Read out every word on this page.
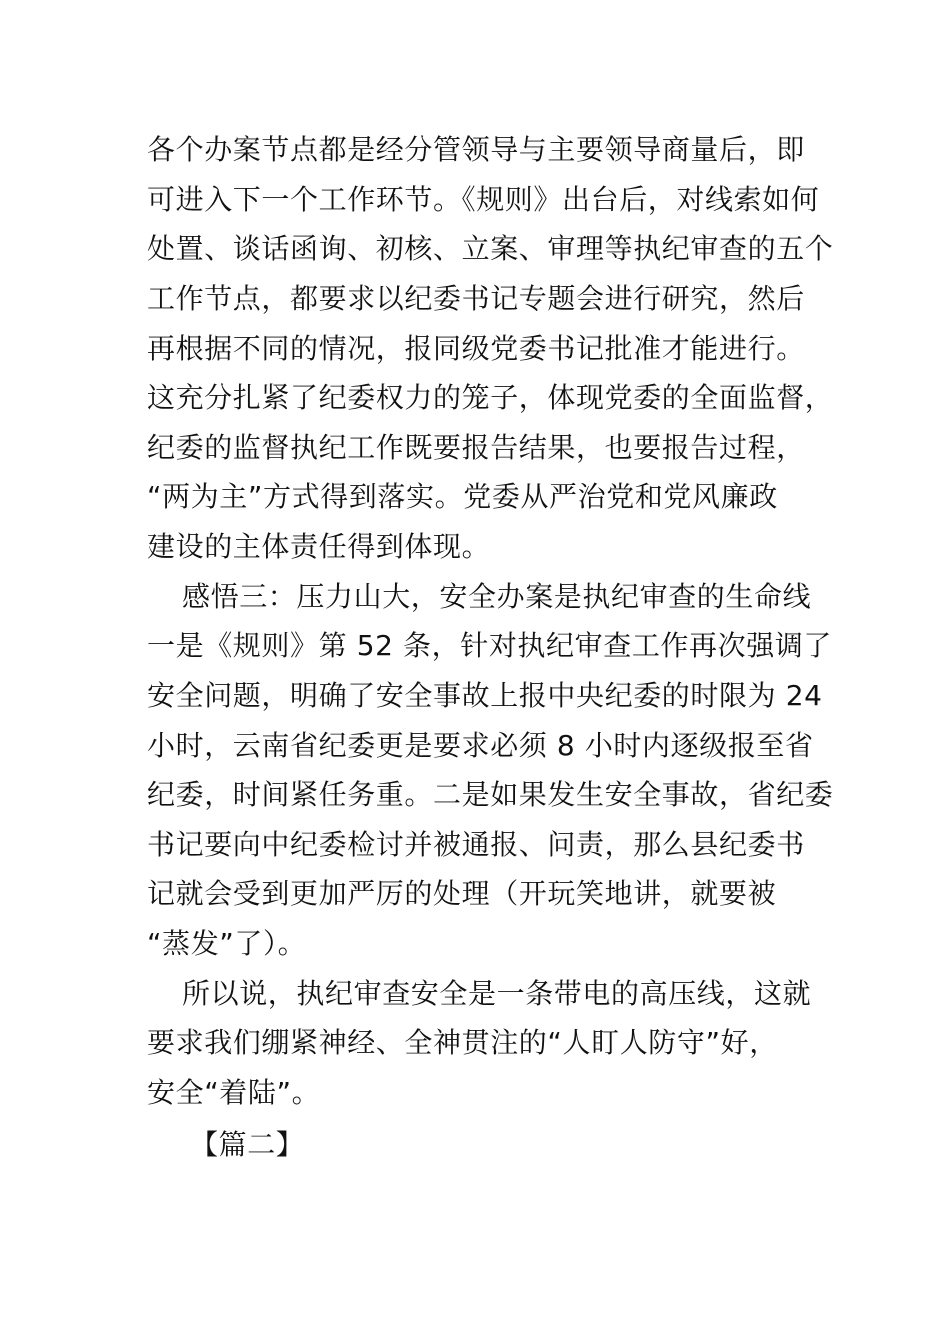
各个办案节点都是经分管领导与主要领导商量后，即
可进入下一个工作环节。《规则》出台后，对线索如何
处置、谈话函询、初核、立案、审理等执纪审查的五个
工作节点，都要求以纪委书记专题会进行研究，然后
再根据不同的情况，报同级党委书记批准才能进行。
这充分扎紧了纪委权力的笼子，体现党委的全面监督，
纪委的监督执纪工作既要报告结果，也要报告过程，
“两为主”方式得到落实。党委从严治党和党风廉政
建设的主体责任得到体现。
感悟三：压力山大，安全办案是执纪审查的生命线
一是《规则》第 52 条，针对执纪审查工作再次强调了
安全问题，明确了安全事故上报中央纪委的时限为 24
小时，云南省纪委更是要求必须 8 小时内逐级报至省
纪委，时间紧任务重。二是如果发生安全事故，省纪委
书记要向中纪委检讨并被通报、问责，那么县纪委书
记就会受到更加严厉的处理（开玩笑地讲，就要被
“蒸发”了）。
所以说，执纪审查安全是一条带电的高压线，这就
要求我们绷紧神经、全神贯注的“人盯人防守”好，
安全“着陆”。
【篇二】
